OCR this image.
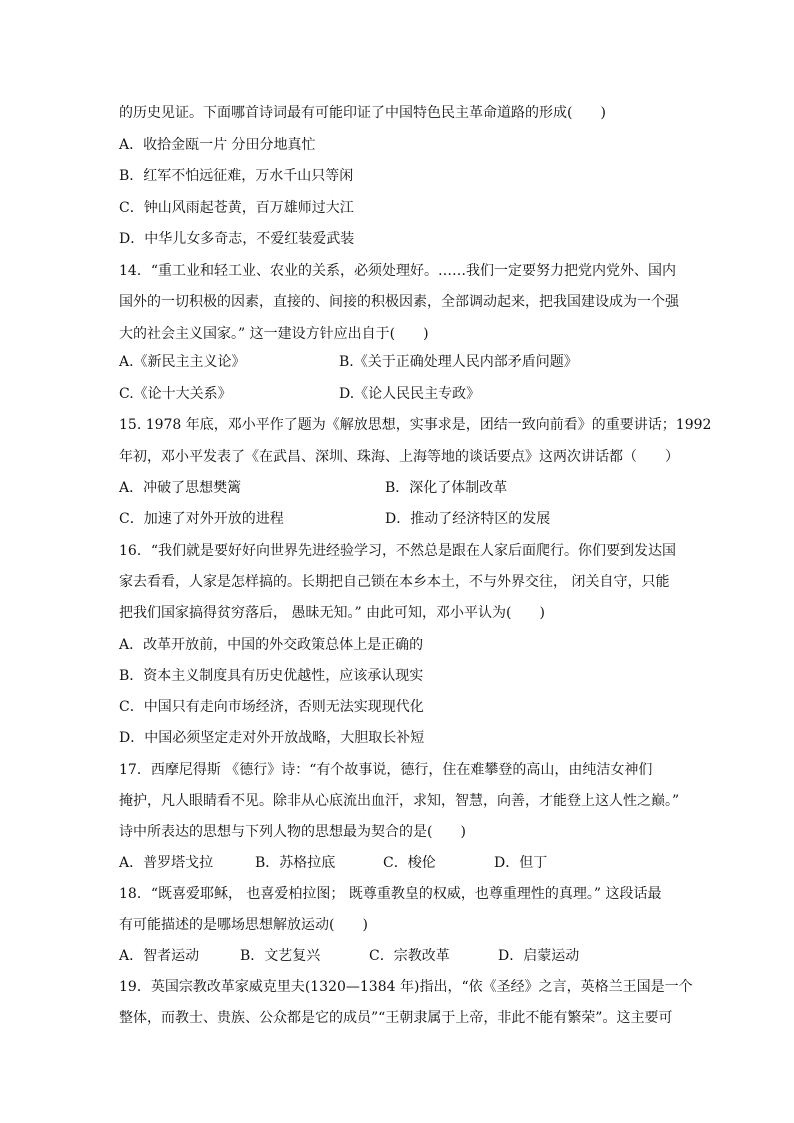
的历史见证。下面哪首诗词最有可能印证了中国特色民主革命道路的形成(　　)
A．收拾金瓯一片 分田分地真忙
B．红军不怕远征难，万水千山只等闲
C．钟山风雨起苍黄，百万雄师过大江
D．中华儿女多奇志，不爱红装爱武装
14．“重工业和轻工业、农业的关系，必须处理好。……我们一定要努力把党内党外、国内
国外的一切积极的因素，直接的、间接的积极因素，全部调动起来，把我国建设成为一个强
大的社会主义国家。” 这一建设方针应出自于(　　)
A.《新民主主义论》	B.《关于正确处理人民内部矛盾问题》
C.《论十大关系》	D.《论人民民主专政》
15. 1978 年底，邓小平作了题为《解放思想，实事求是，团结一致向前看》的重要讲话；1992
年初，邓小平发表了《在武昌、深圳、珠海、上海等地的谈话要点》这两次讲话都（　　）
A．冲破了思想樊篱	B．深化了体制改革
C．加速了对外开放的进程	D．推动了经济特区的发展
16．“我们就是要好好向世界先进经验学习，不然总是跟在人家后面爬行。你们要到发达国
家去看看，人家是怎样搞的。长期把自己锁在本乡本土，不与外界交往， 闭关自守，只能
把我们国家搞得贫穷落后， 愚昧无知。” 由此可知，邓小平认为(　　)
A．改革开放前，中国的外交政策总体上是正确的
B．资本主义制度具有历史优越性，应该承认现实
C．中国只有走向市场经济，否则无法实现现代化
D．中国必须坚定走对外开放战略，大胆取长补短
17．西摩尼得斯 《德行》诗：“有个故事说，德行，住在难攀登的高山，由纯洁女神们
掩护，凡人眼睛看不见。除非从心底流出血汗，求知，智慧，向善，才能登上这人性之巅。”
诗中所表达的思想与下列人物的思想最为契合的是(　　)
A．普罗塔戈拉	B．苏格拉底	C．梭伦	D．但丁
18．“既喜爱耶稣， 也喜爱柏拉图； 既尊重教皇的权威，也尊重理性的真理。” 这段话最
有可能描述的是哪场思想解放运动(　　)
A．智者运动	B．文艺复兴	C．宗教改革	D．启蒙运动
19．英国宗教改革家威克里夫(1320—1384 年)指出，“依《圣经》之言，英格兰王国是一个
整体，而教士、贵族、公众都是它的成员”“王朝隶属于上帝，非此不能有繁荣”。这主要可
